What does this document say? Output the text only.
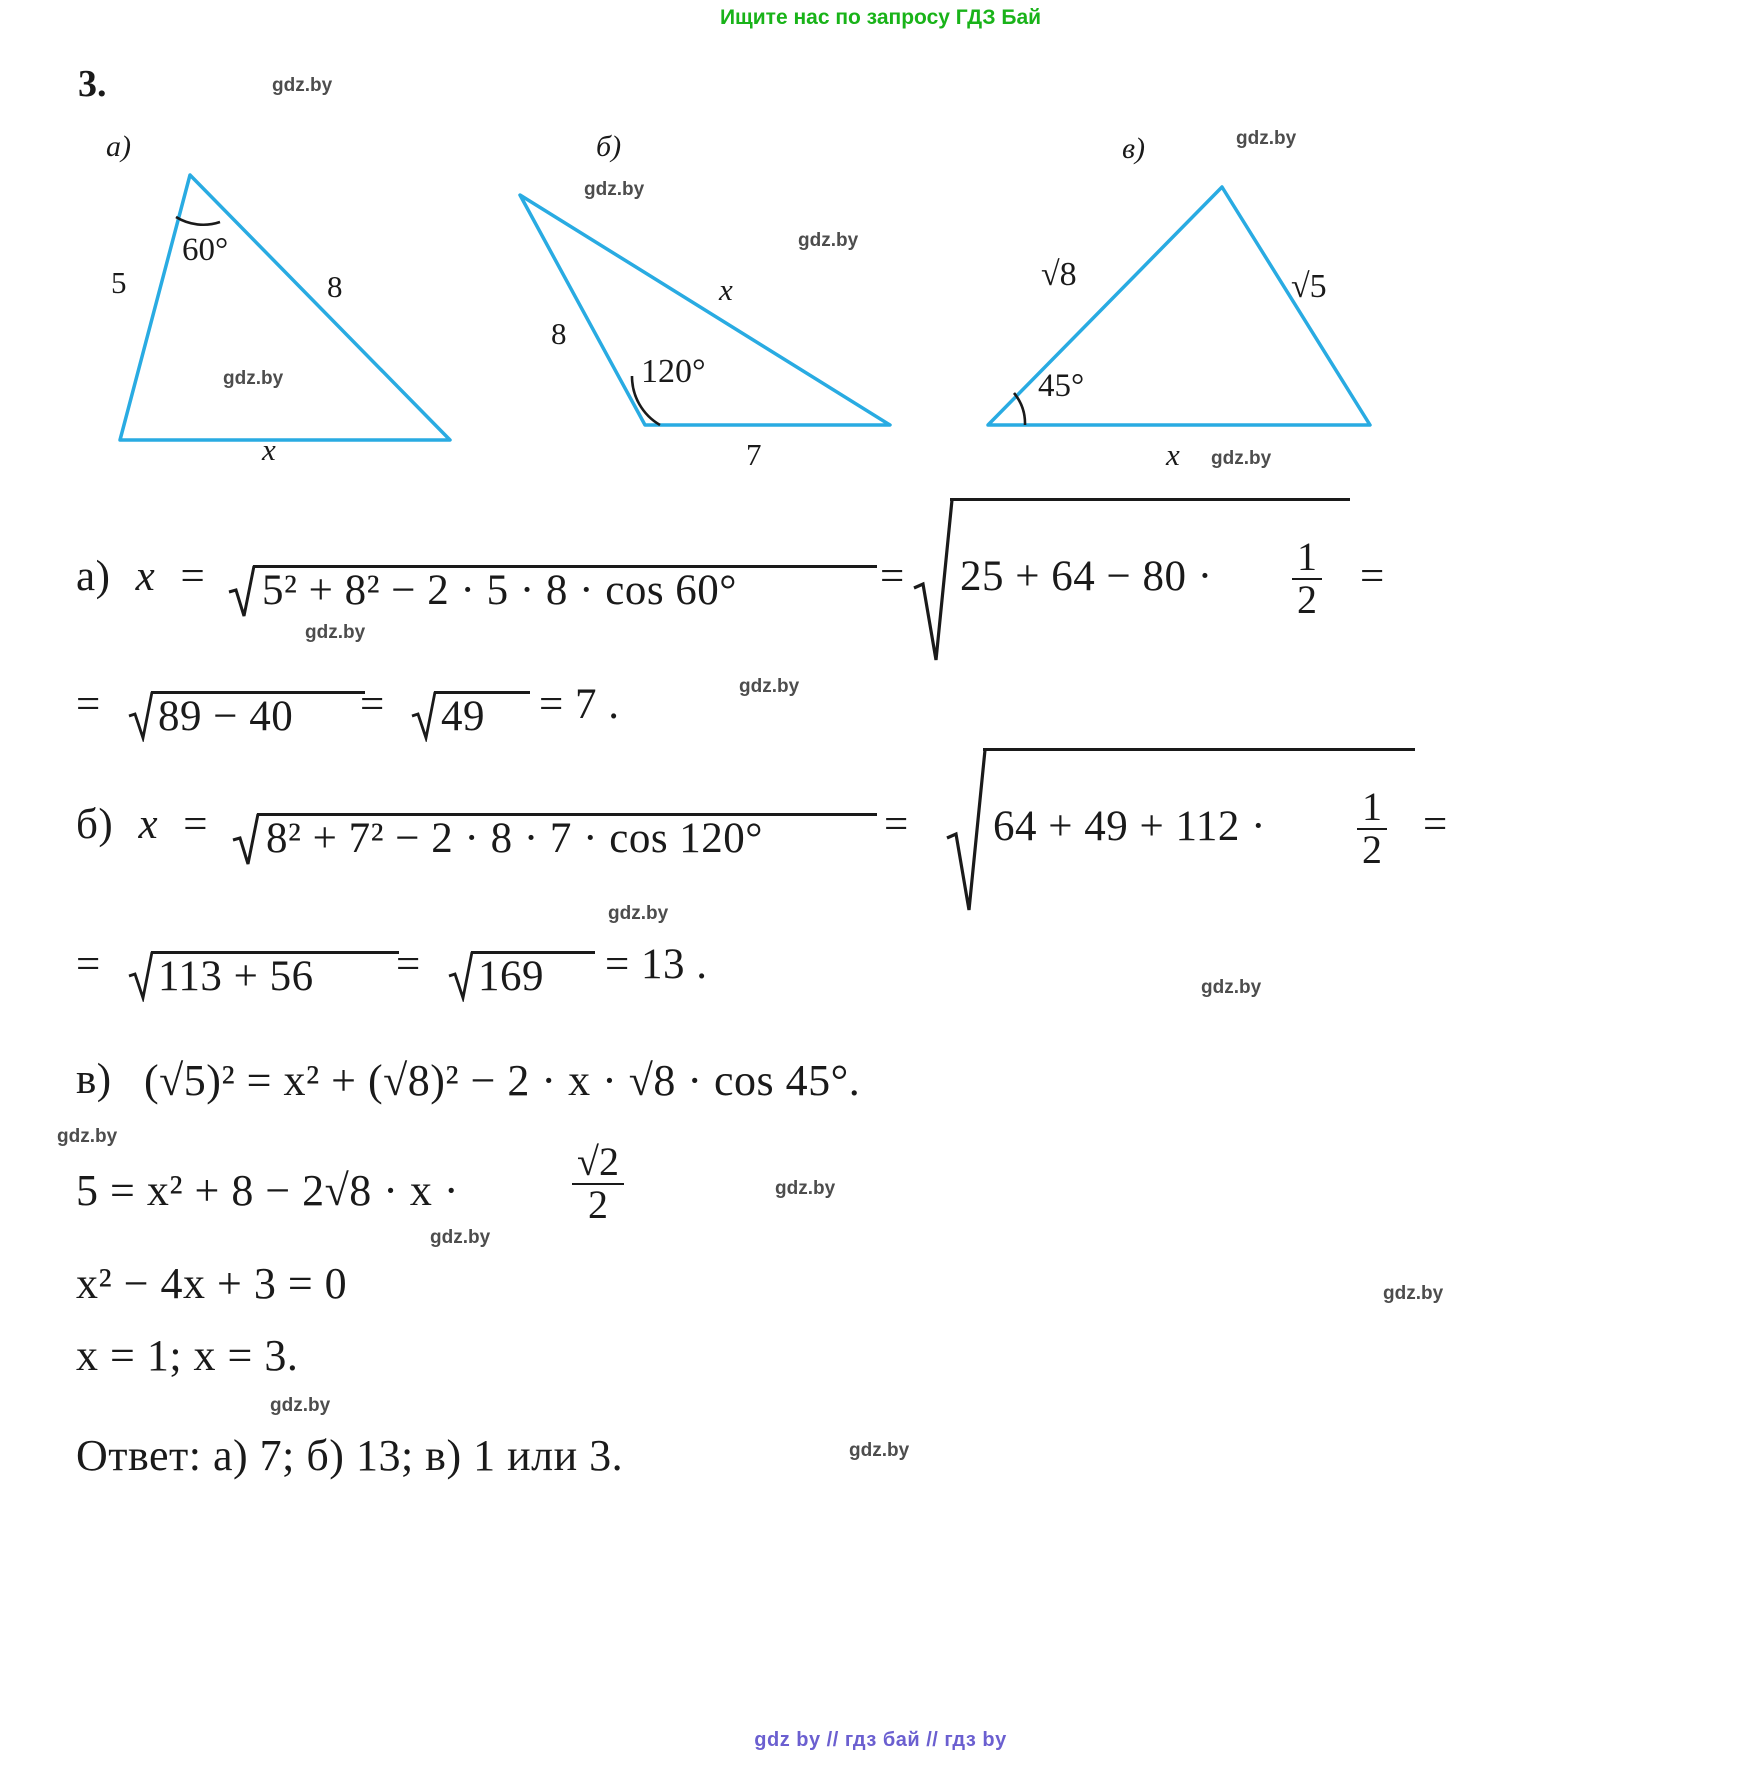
Ищите нас по запросу ГДЗ Бай
3.
а)
5	8
x
60°
б)
8
x
7
120°
в)
√8	√5
x
45°
а) x = 5² + 8² − 2 · 5 · 8 · cos 60°	= $25 + 64 - 80 \cdot \frac{1}{2}$ =
= 89 − 40 = 49 = 7 .
б) x = 8² + 7² − 2 · 8 · 7 · cos 120°	= $64 + 49 + 112 \cdot \frac{1}{2}$ =
= 113 + 56 = 169 = 13 .
в) (√5)² = x² + (√8)² − 2 · x · √8 · cos 45°.
5 = x² + 8 − 2√8 · x ·	$\frac{√2}{2}$
x² − 4x + 3 = 0
x = 1; x = 3.
Ответ: а) 7; б) 13; в) 1 или 3.
gdz by // гдз бай // гдз by
gdz.by
gdz.by
gdz.by
gdz.by
gdz.by
gdz.by
gdz.by
gdz.by
gdz.by
gdz.by
gdz.by
gdz.by
gdz.by
gdz.by
gdz.by
gdz.by
